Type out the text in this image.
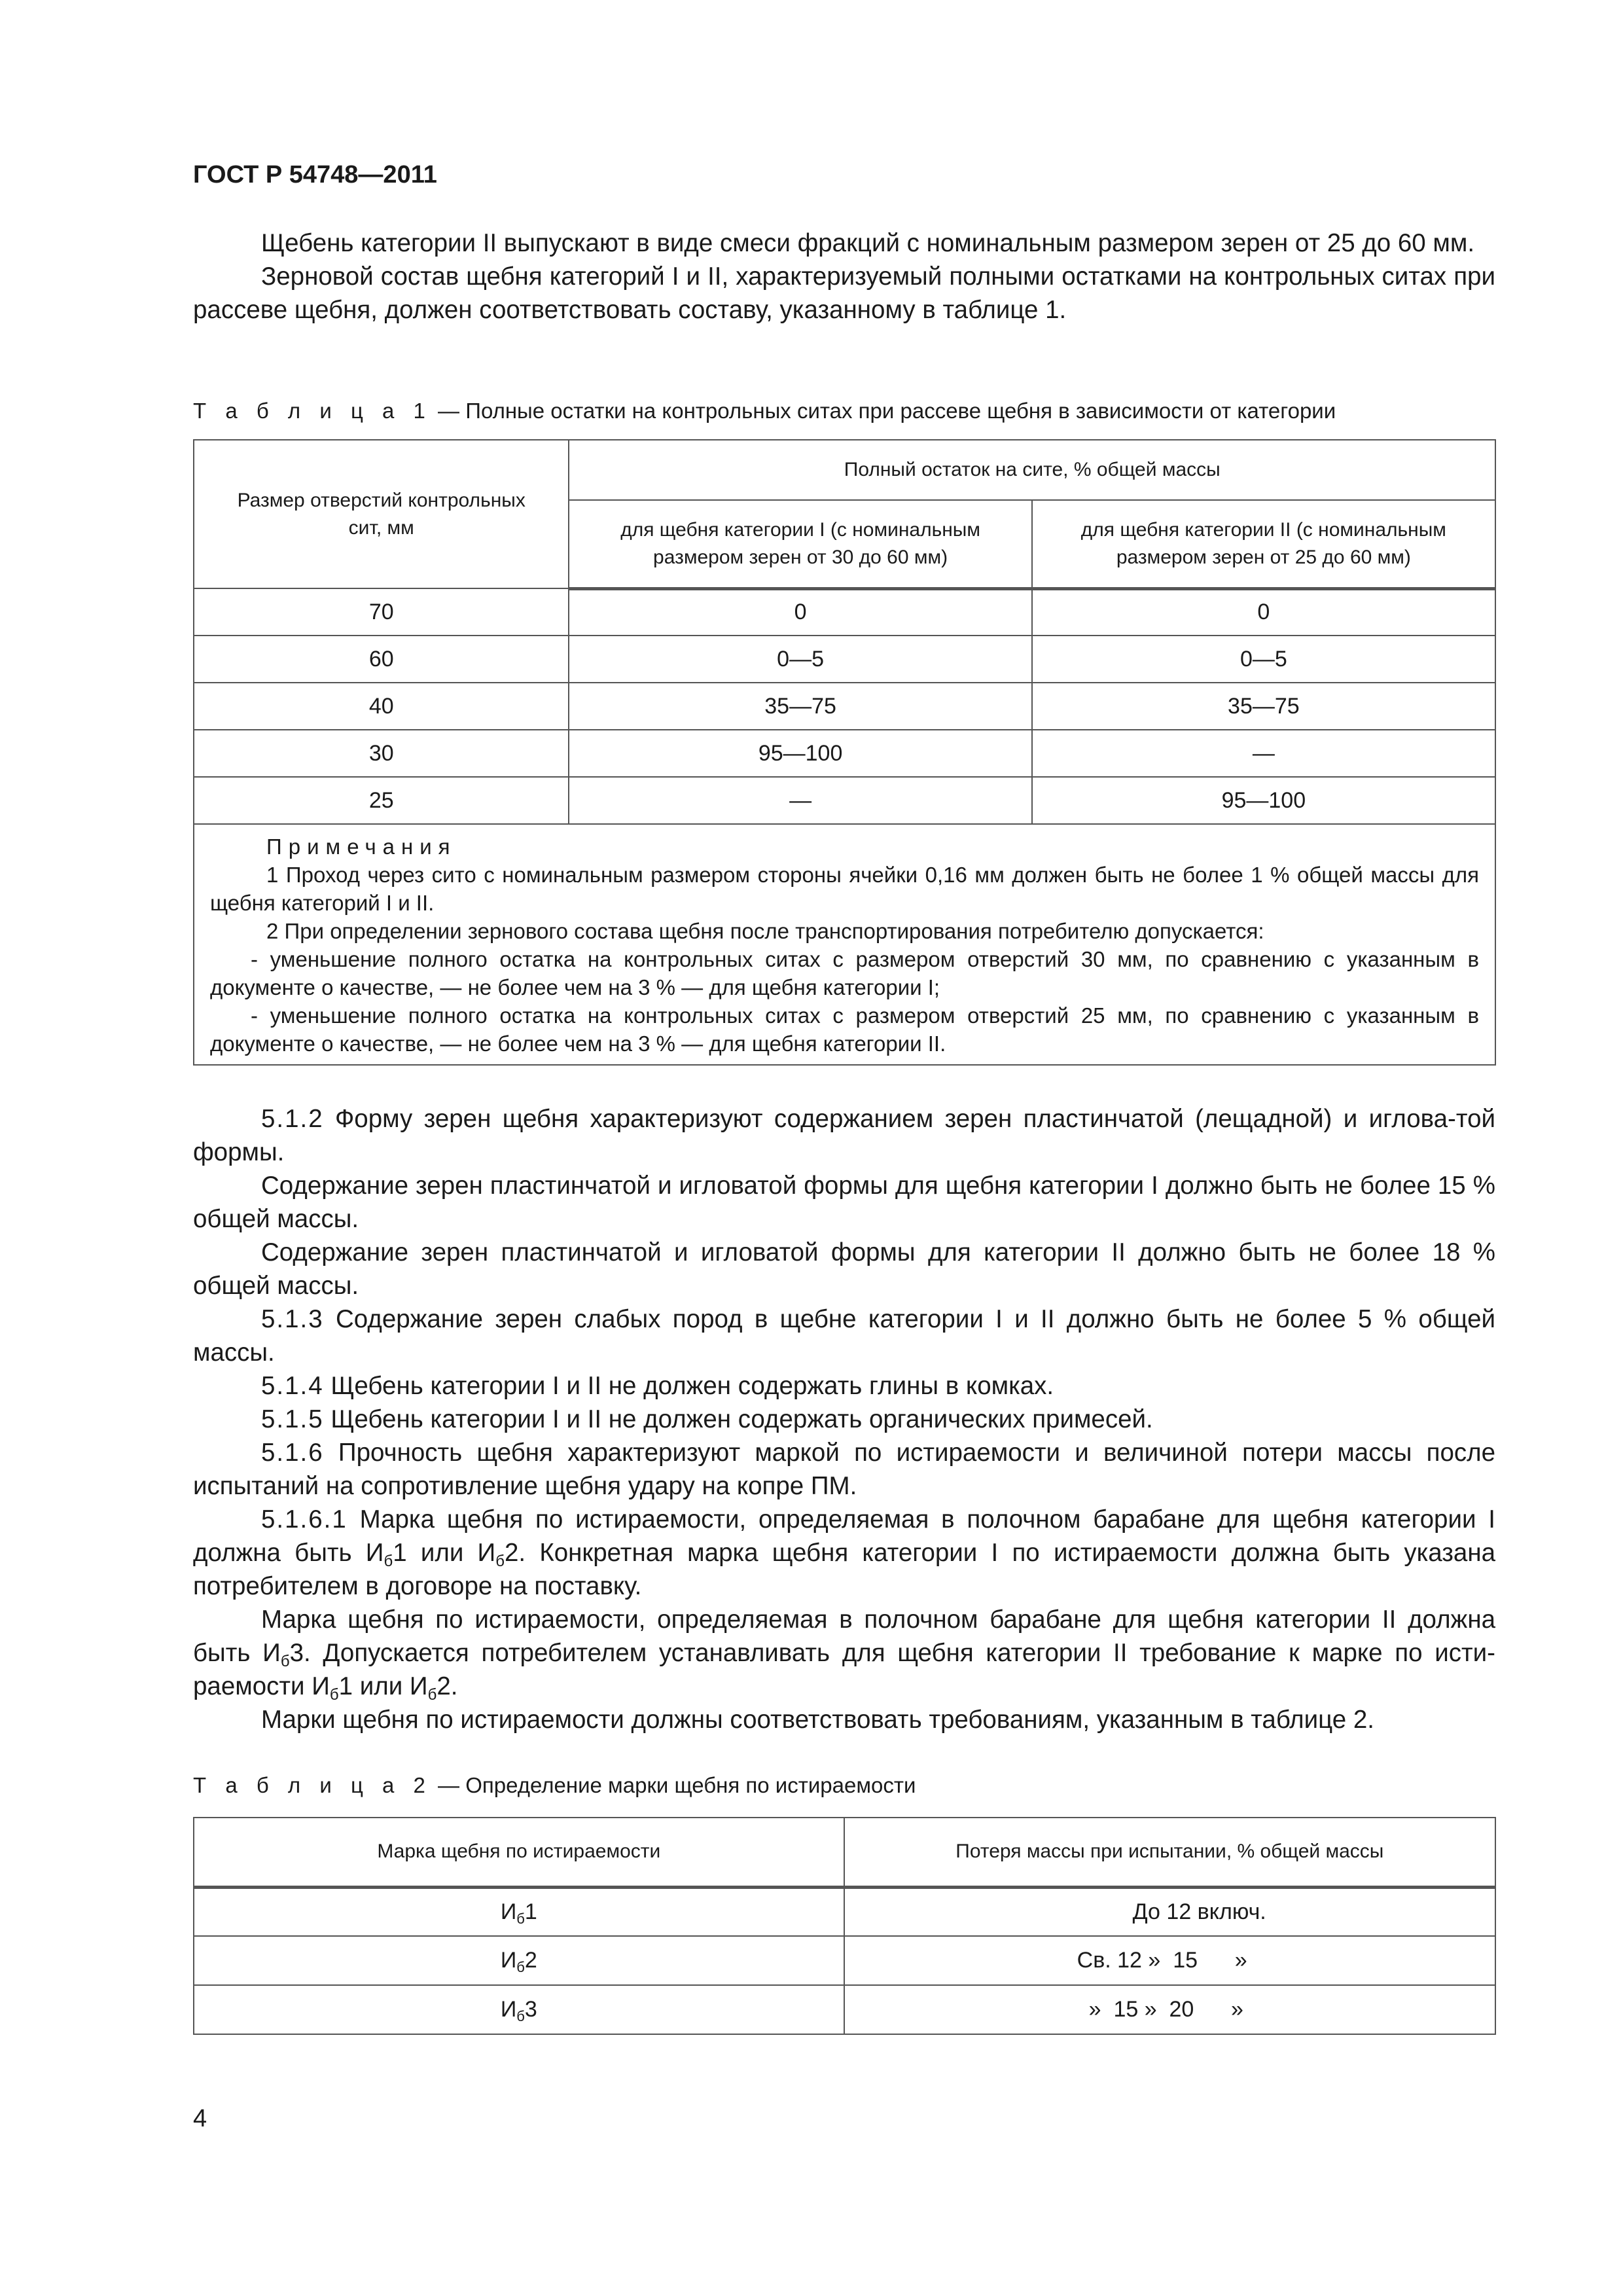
ГОСТ Р 54748—2011

Щебень категории II выпускают в виде смеси фракций с номинальным размером зерен от 25 до 60 мм.

Зерновой состав щебня категорий I и II, характеризуемый полными остатками на контрольных ситах при рассеве щебня, должен соответствовать составу, указанному в таблице 1.

Т а б л и ц а 1 — Полные остатки на контрольных ситах при рассеве щебня в зависимости от категории
Размер отверстий контрольных сит, мм	Полный остаток на сите, % общей массы	
	для щебня категории I (с номинальным размером зерен от 30 до 60 мм)	для щебня категории II (с номинальным размером зерен от 25 до 60 мм)
70	0	0
60	0—5	0—5
40	35—75	35—75
30	95—100	—
25	—	95—100

Примечания

1 Проход через сито с номинальным размером стороны ячейки 0,16 мм должен быть не более 1 % общей массы для щебня категорий I и II.

2 При определении зернового состава щебня после транспортирования потребителю допускается:

- уменьшение полного остатка на контрольных ситах с размером отверстий 30 мм, по сравнению с указанным в документе о качестве, — не более чем на 3 % — для щебня категории I;

- уменьшение полного остатка на контрольных ситах с размером отверстий 25 мм, по сравнению с указанным в документе о качестве, — не более чем на 3 % — для щебня категории II.		

5.1.2 Форму зерен щебня характеризуют содержанием зерен пластинчатой (лещадной) и иглова-той формы.

Содержание зерен пластинчатой и игловатой формы для щебня категории I должно быть не более 15 % общей массы.

Содержание зерен пластинчатой и игловатой формы для категории II должно быть не более 18 % общей массы.

5.1.3 Содержание зерен слабых пород в щебне категории I и II должно быть не более 5 % общей массы.

5.1.4 Щебень категории I и II не должен содержать глины в комках.

5.1.5 Щебень категории I и II не должен содержать органических примесей.

5.1.6 Прочность щебня характеризуют маркой по истираемости и величиной потери массы после испытаний на сопротивление щебня удару на копре ПМ.

5.1.6.1 Марка щебня по истираемости, определяемая в полочном барабане для щебня категории I должна быть $И_б1$ или $И_б2$. Конкретная марка щебня категории I по истираемости должна быть указана потребителем в договоре на поставку.

Марка щебня по истираемости, определяемая в полочном барабане для щебня категории II должна быть $И_б3$. Допускается потребителем устанавливать для щебня категории II требование к марке по исти-раемости $И_б1$ или $И_б2$.

Марки щебня по истираемости должны соответствовать требованиям, указанным в таблице 2.

Т а б л и ц а 2 — Определение марки щебня по истираемости
Марка щебня по истираемости	Потеря массы при испытании, % общей массы
$И_б1$	До 12 включ.
$И_б2$	Св. 12 »  15      »
$И_б3$	»  15 »  20      »
4
